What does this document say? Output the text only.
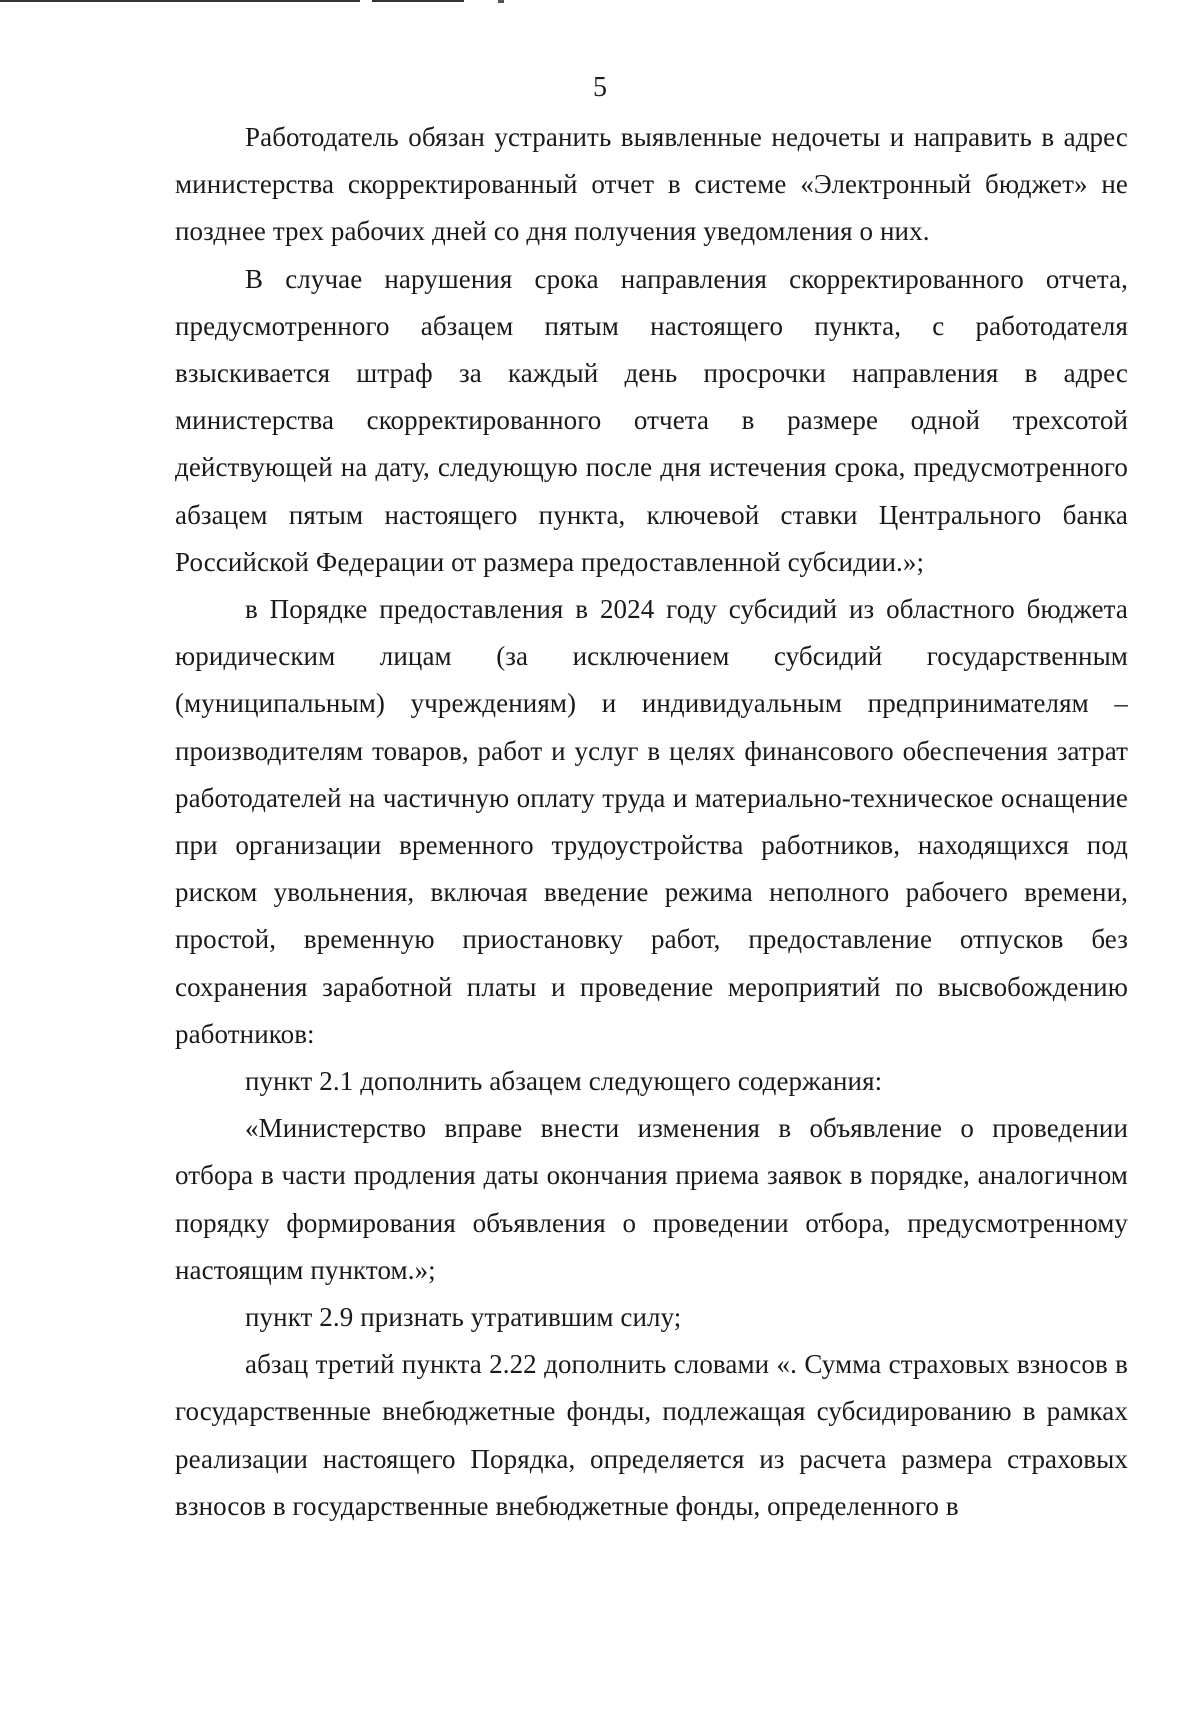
5

Работодатель обязан устранить выявленные недочеты и направить в адрес министерства скорректированный отчет в системе «Электронный бюджет» не позднее трех рабочих дней со дня получения уведомления о них.

В случае нарушения срока направления скорректированного отчета, предусмотренного абзацем пятым настоящего пункта, с работодателя взыскивается штраф за каждый день просрочки направления в адрес министерства скорректированного отчета в размере одной трехсотой действующей на дату, следующую после дня истечения срока, предусмотренного абзацем пятым настоящего пункта, ключевой ставки Центрального банка Российской Федерации от размера предоставленной субсидии.»;

в Порядке предоставления в 2024 году субсидий из областного бюджета юридическим лицам (за исключением субсидий государственным (муниципальным) учреждениям) и индивидуальным предпринимателям – производителям товаров, работ и услуг в целях финансового обеспечения затрат работодателей на частичную оплату труда и материально-техническое оснащение при организации временного трудоустройства работников, находящихся под риском увольнения, включая введение режима неполного рабочего времени, простой, временную приостановку работ, предоставление отпусков без сохранения заработной платы и проведение мероприятий по высвобождению работников:

пункт 2.1 дополнить абзацем следующего содержания:

«Министерство вправе внести изменения в объявление о проведении отбора в части продления даты окончания приема заявок в порядке, аналогичном порядку формирования объявления о проведении отбора, предусмотренному настоящим пунктом.»;

пункт 2.9 признать утратившим силу;

абзац третий пункта 2.22 дополнить словами «. Сумма страховых взносов в государственные внебюджетные фонды, подлежащая субсидированию в рамках реализации настоящего Порядка, определяется из расчета размера страховых взносов в государственные внебюджетные фонды, определенного в
